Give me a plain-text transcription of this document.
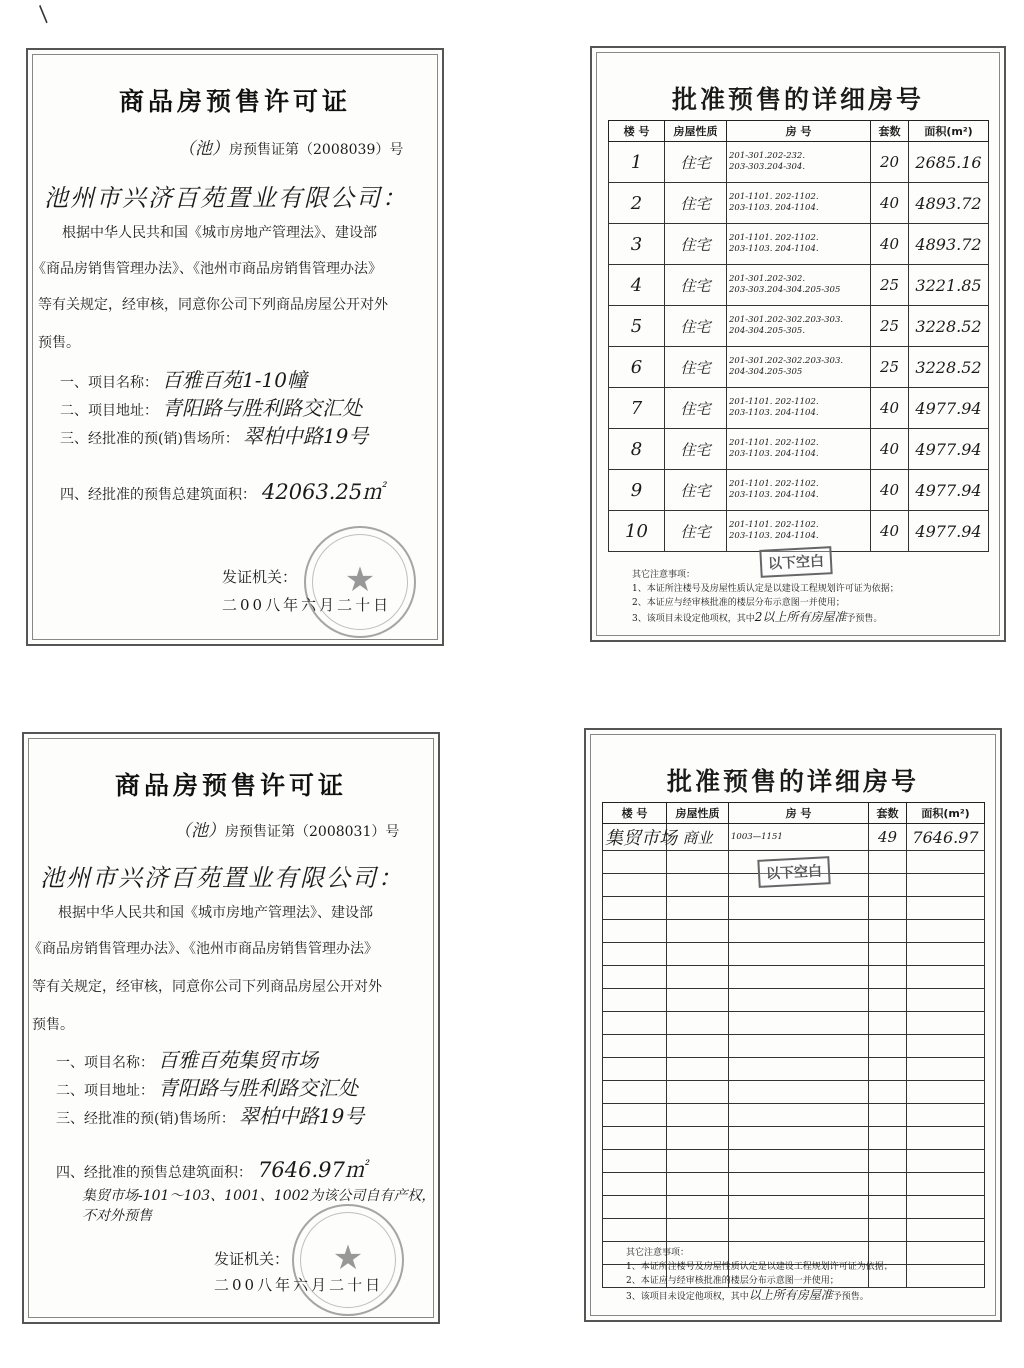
商品房预售许可证
（池）房预售证第（2008039）号
池州市兴济百苑置业有限公司：
根据中华人民共和国《城市房地产管理法》、建设部
《商品房销售管理办法》、《池州市商品房销售管理办法》
等有关规定，经审核，同意你公司下列商品房屋公开对外
预售。
一、项目名称： 百雅百苑1-10幢
二、项目地址： 青阳路与胜利路交汇处
三、经批准的预(销)售场所： 翠柏中路19号
四、经批准的预售总建筑面积： 42063.25㎡
★
发证机关：
二00八年六月二十日
批准预售的详细房号
楼 号	房屋性质	房 号	套数	面积(m²)
1	住宅	201-301.202-232.
203-303.204-304.	20	2685.16
2	住宅	201-1101. 202-1102.
203-1103. 204-1104.	40	4893.72
3	住宅	201-1101. 202-1102.
203-1103. 204-1104.	40	4893.72
4	住宅	201-301.202-302.
203-303.204-304.205-305	25	3221.85
5	住宅	201-301.202-302.203-303.
204-304.205-305.	25	3228.52
6	住宅	201-301.202-302.203-303.
204-304.205-305	25	3228.52
7	住宅	201-1101. 202-1102.
203-1103. 204-1104.	40	4977.94
8	住宅	201-1101. 202-1102.
203-1103. 204-1104.	40	4977.94
9	住宅	201-1101. 202-1102.
203-1103. 204-1104.	40	4977.94
10	住宅	201-1101. 202-1102.
203-1103. 204-1104.	40	4977.94
以下空白
其它注意事项：
1、本证所注楼号及房屋性质认定是以建设工程规划许可证为依据；
2、本证应与经审核批准的楼层分布示意图一并使用；
3、该项目未设定他项权，其中2以上所有房屋准予预售。
商品房预售许可证
（池）房预售证第（2008031）号
池州市兴济百苑置业有限公司：
根据中华人民共和国《城市房地产管理法》、建设部
《商品房销售管理办法》、《池州市商品房销售管理办法》
等有关规定，经审核，同意你公司下列商品房屋公开对外
预售。
一、项目名称： 百雅百苑集贸市场
二、项目地址： 青阳路与胜利路交汇处
三、经批准的预(销)售场所： 翠柏中路19号
四、经批准的预售总建筑面积： 7646.97㎡
集贸市场-101～103、1001、1002为该公司自有产权，不对外预售
★
发证机关：
二00八年六月二十日
批准预售的详细房号
楼 号	房屋性质	房 号	套数	面积(m²)
集贸市场	商业	1003—1151	49	7646.97

以下空白
其它注意事项：
1、本证所注楼号及房屋性质认定是以建设工程规划许可证为依据；
2、本证应与经审核批准的楼层分布示意图一并使用；
3、该项目未设定他项权，其中以上所有房屋准予预售。
/
